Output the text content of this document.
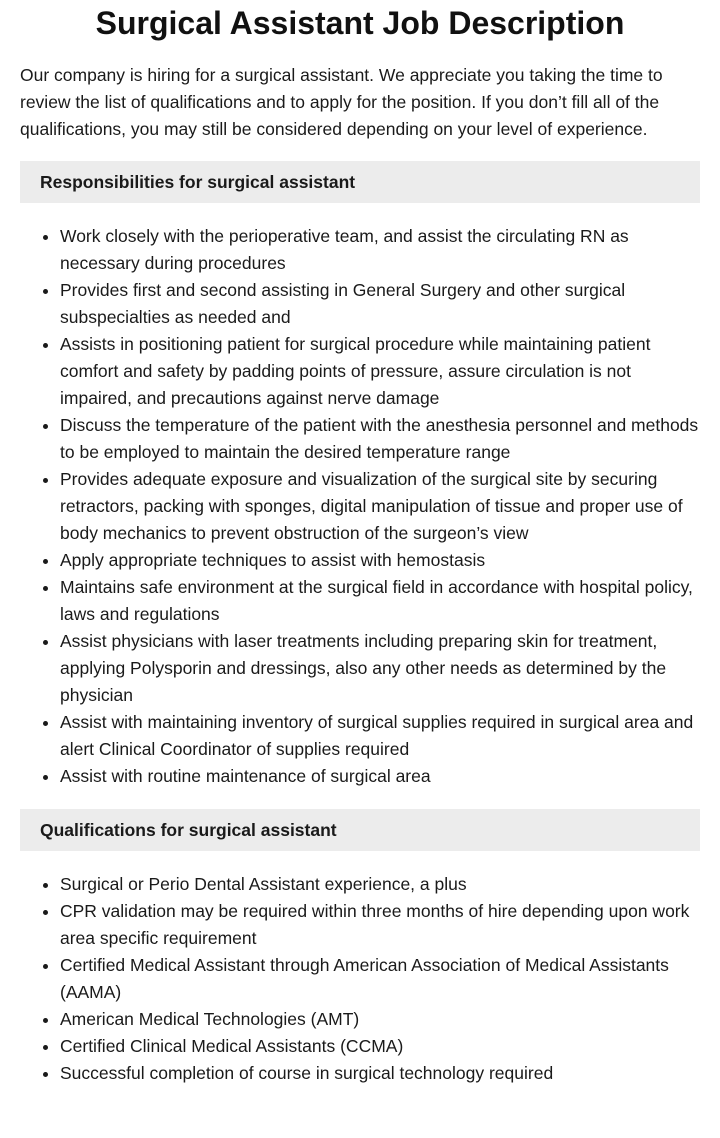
Surgical Assistant Job Description

Our company is hiring for a surgical assistant. We appreciate you taking the time to review the list of qualifications and to apply for the position. If you don’t fill all of the qualifications, you may still be considered depending on your level of experience.

Responsibilities for surgical assistant
• Work closely with the perioperative team, and assist the circulating RN as necessary during procedures
• Provides first and second assisting in General Surgery and other surgical subspecialties as needed and
• Assists in positioning patient for surgical procedure while maintaining patient comfort and safety by padding points of pressure, assure circulation is not impaired, and precautions against nerve damage
• Discuss the temperature of the patient with the anesthesia personnel and methods to be employed to maintain the desired temperature range
• Provides adequate exposure and visualization of the surgical site by securing retractors, packing with sponges, digital manipulation of tissue and proper use of body mechanics to prevent obstruction of the surgeon’s view
• Apply appropriate techniques to assist with hemostasis
• Maintains safe environment at the surgical field in accordance with hospital policy, laws and regulations
• Assist physicians with laser treatments including preparing skin for treatment, applying Polysporin and dressings, also any other needs as determined by the physician
• Assist with maintaining inventory of surgical supplies required in surgical area and alert Clinical Coordinator of supplies required
• Assist with routine maintenance of surgical area
Qualifications for surgical assistant
• Surgical or Perio Dental Assistant experience, a plus
• CPR validation may be required within three months of hire depending upon work area specific requirement
• Certified Medical Assistant through American Association of Medical Assistants (AAMA)
• American Medical Technologies (AMT)
• Certified Clinical Medical Assistants (CCMA)
• Successful completion of course in surgical technology required
